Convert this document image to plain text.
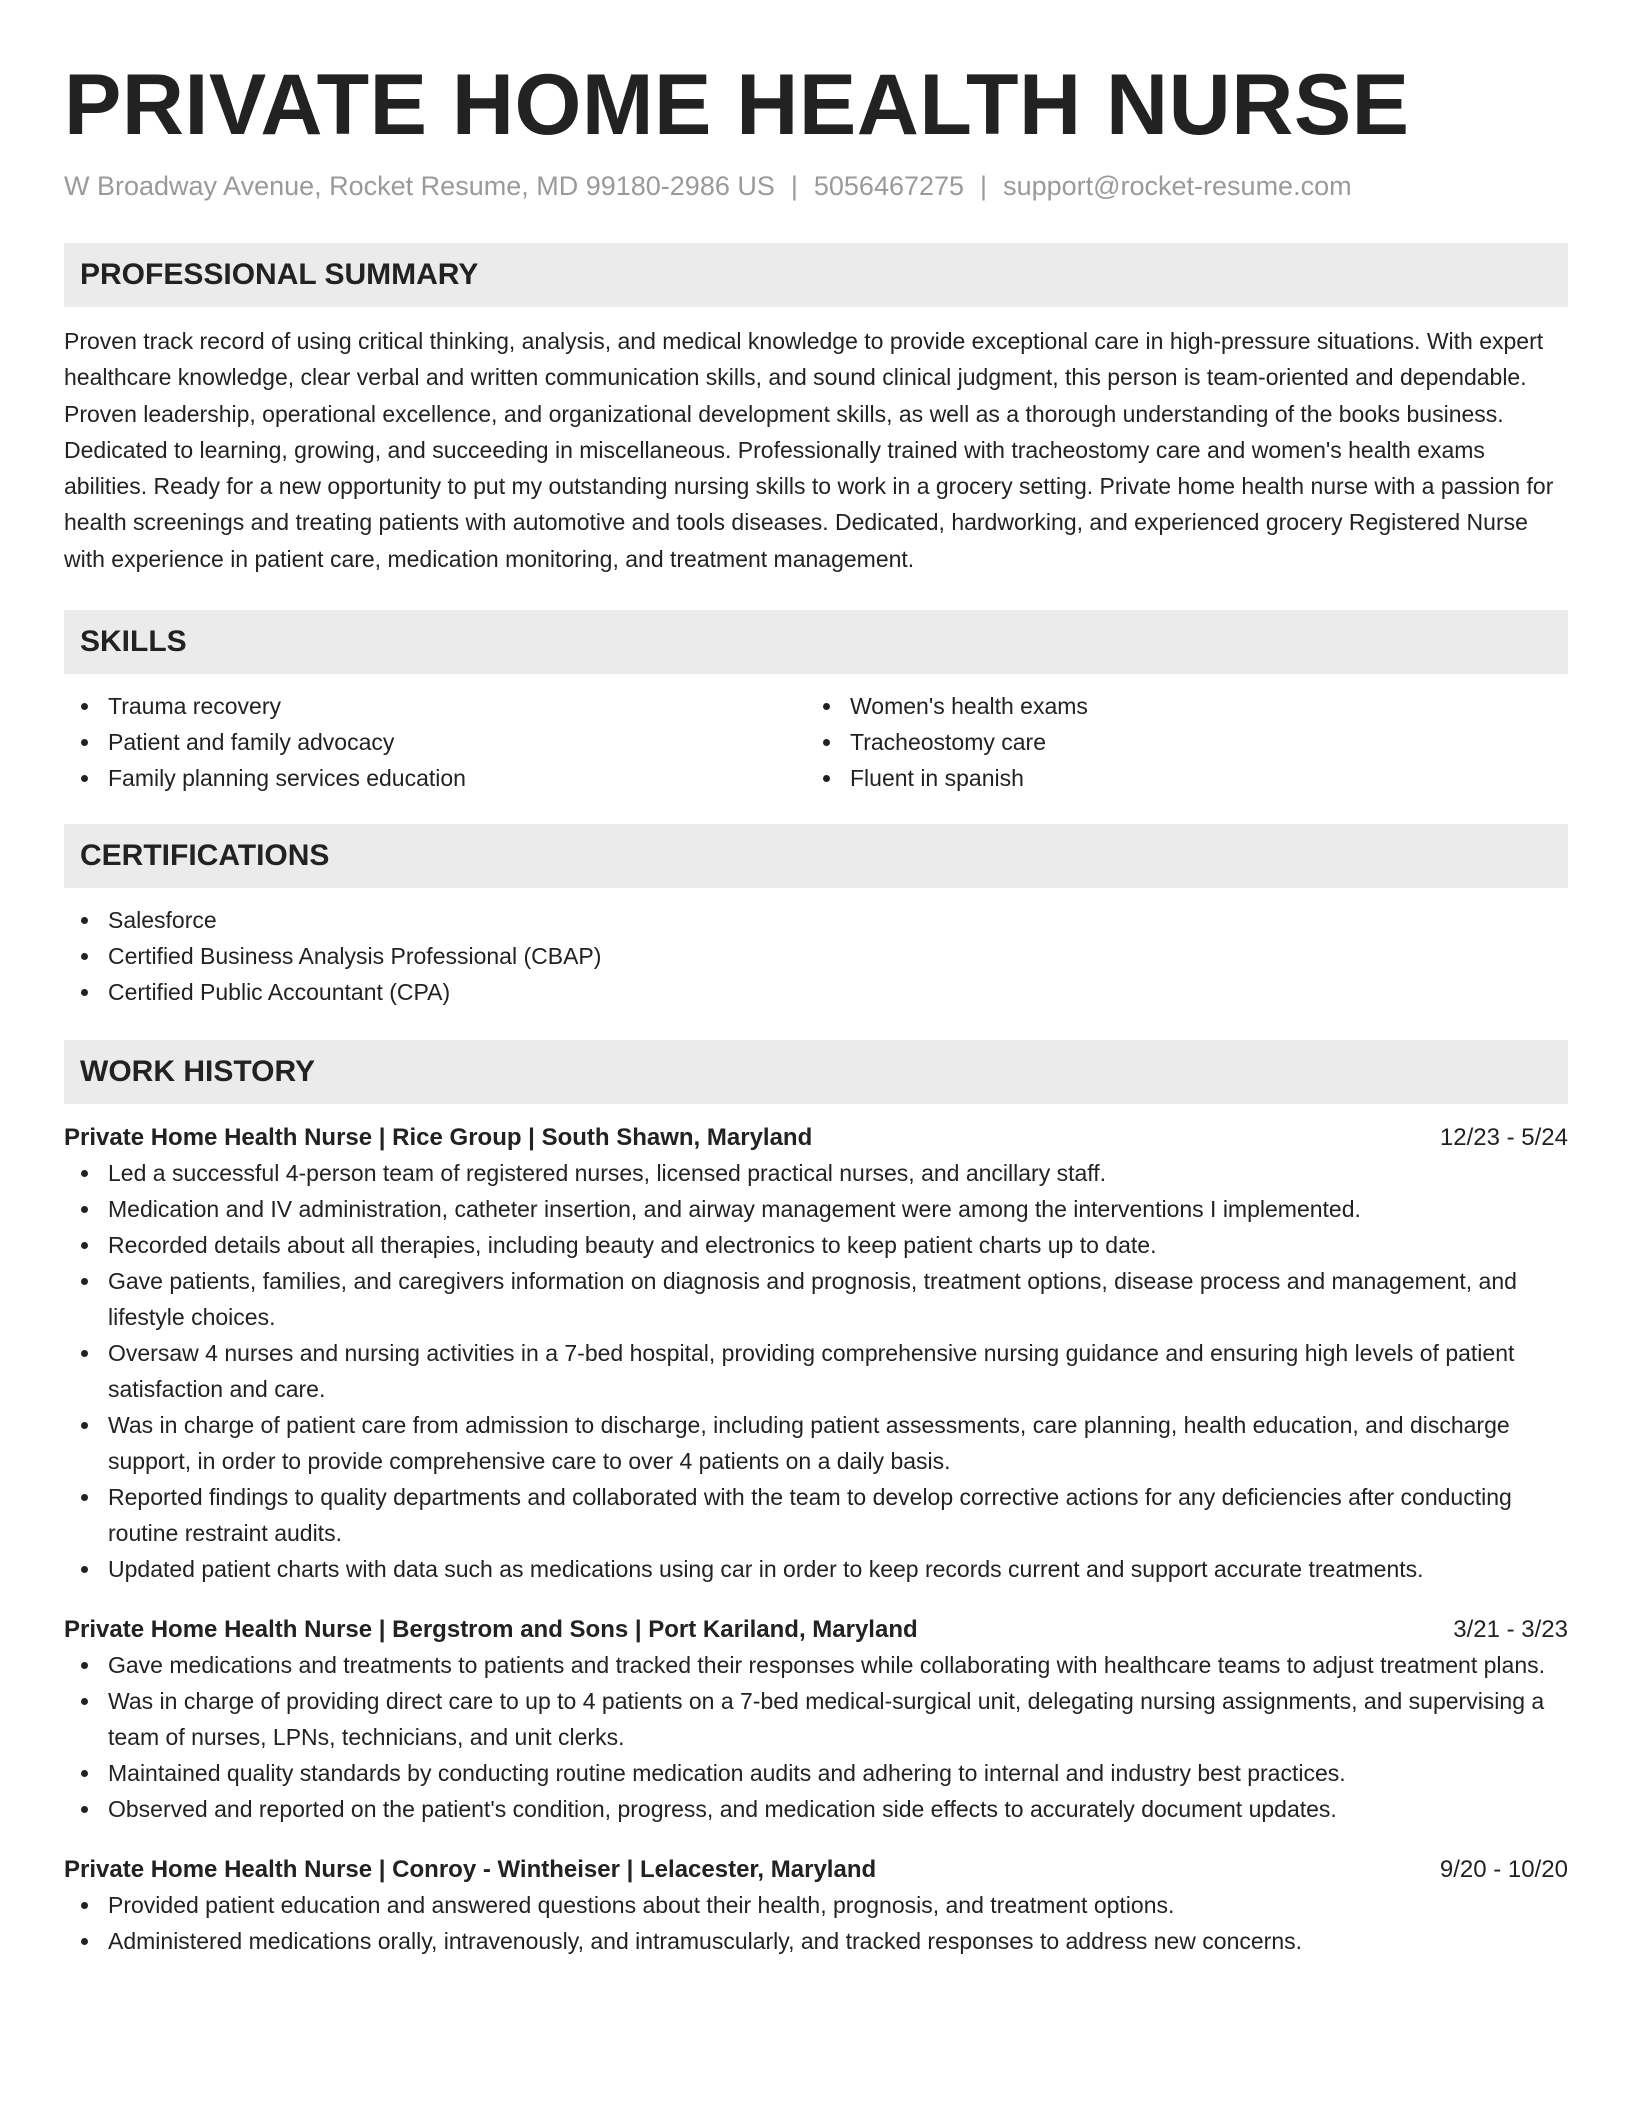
PRIVATE HOME HEALTH NURSE
W Broadway Avenue, Rocket Resume, MD 99180-2986 US | 5056467275 | support@rocket-resume.com
PROFESSIONAL SUMMARY

Proven track record of using critical thinking, analysis, and medical knowledge to provide exceptional care in high-pressure situations. With expert healthcare knowledge, clear verbal and written communication skills, and sound clinical judgment, this person is team-oriented and dependable. Proven leadership, operational excellence, and organizational development skills, as well as a thorough understanding of the books business. Dedicated to learning, growing, and succeeding in miscellaneous. Professionally trained with tracheostomy care and women's health exams abilities. Ready for a new opportunity to put my outstanding nursing skills to work in a grocery setting. Private home health nurse with a passion for health screenings and treating patients with automotive and tools diseases. Dedicated, hardworking, and experienced grocery Registered Nurse with experience in patient care, medication monitoring, and treatment management.

SKILLS
Trauma recovery
Patient and family advocacy
Family planning services education
Women's health exams
Tracheostomy care
Fluent in spanish
CERTIFICATIONS
Salesforce
Certified Business Analysis Professional (CBAP)
Certified Public Accountant (CPA)
WORK HISTORY
Private Home Health Nurse | Rice Group | South Shawn, Maryland	12/23 - 5/24
Led a successful 4-person team of registered nurses, licensed practical nurses, and ancillary staff.
Medication and IV administration, catheter insertion, and airway management were among the interventions I implemented.
Recorded details about all therapies, including beauty and electronics to keep patient charts up to date.
Gave patients, families, and caregivers information on diagnosis and prognosis, treatment options, disease process and management, and lifestyle choices.
Oversaw 4 nurses and nursing activities in a 7-bed hospital, providing comprehensive nursing guidance and ensuring high levels of patient satisfaction and care.
Was in charge of patient care from admission to discharge, including patient assessments, care planning, health education, and discharge support, in order to provide comprehensive care to over 4 patients on a daily basis.
Reported findings to quality departments and collaborated with the team to develop corrective actions for any deficiencies after conducting routine restraint audits.
Updated patient charts with data such as medications using car in order to keep records current and support accurate treatments.
Private Home Health Nurse | Bergstrom and Sons | Port Kariland, Maryland	3/21 - 3/23
Gave medications and treatments to patients and tracked their responses while collaborating with healthcare teams to adjust treatment plans.
Was in charge of providing direct care to up to 4 patients on a 7-bed medical-surgical unit, delegating nursing assignments, and supervising a team of nurses, LPNs, technicians, and unit clerks.
Maintained quality standards by conducting routine medication audits and adhering to internal and industry best practices.
Observed and reported on the patient's condition, progress, and medication side effects to accurately document updates.
Private Home Health Nurse | Conroy - Wintheiser | Lelacester, Maryland	9/20 - 10/20
Provided patient education and answered questions about their health, prognosis, and treatment options.
Administered medications orally, intravenously, and intramuscularly, and tracked responses to address new concerns.
